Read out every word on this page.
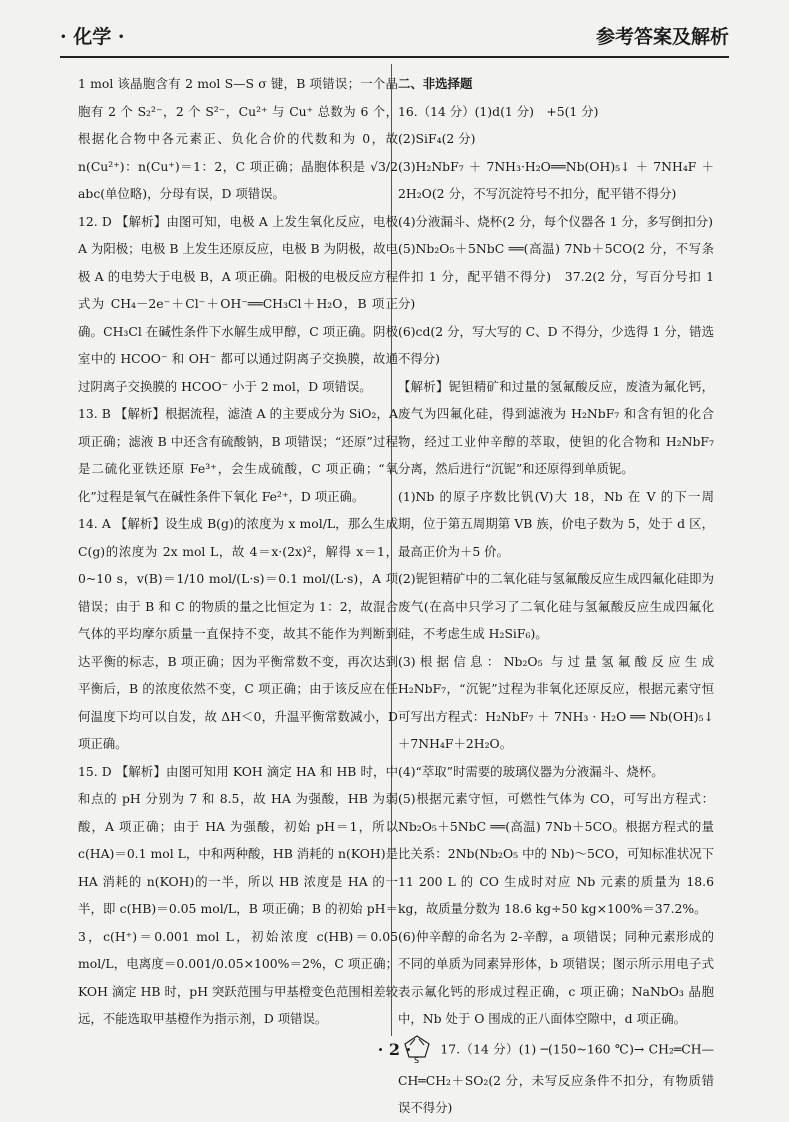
· 化学 ·	参考答案及解析

1 mol 该晶胞含有 2 mol S—S σ 键，B 项错误；一个晶胞有 2 个 S₂²⁻，2 个 S²⁻，Cu²⁺ 与 Cu⁺ 总数为 6 个，根据化合物中各元素正、负化合价的代数和为 0，故 n(Cu²⁺)：n(Cu⁺)＝1：2，C 项正确；晶胞体积是 √3/2 abc(单位略)，分母有误，D 项错误。

12. D 【解析】由图可知，电极 A 上发生氧化反应，电极 A 为阳极；电极 B 上发生还原反应，电极 B 为阴极，故电极 A 的电势大于电极 B，A 项正确。阳极的电极反应方程式为 CH₄－2e⁻＋Cl⁻＋OH⁻══CH₃Cl＋H₂O，B 项正确。CH₃Cl 在碱性条件下水解生成甲醇，C 项正确。阴极室中的 HCOO⁻ 和 OH⁻ 都可以通过阴离子交换膜，故通过阴离子交换膜的 HCOO⁻ 小于 2 mol，D 项错误。

13. B 【解析】根据流程，滤渣 A 的主要成分为 SiO₂，A 项正确；滤液 B 中还含有硫酸钠，B 项错误；“还原”过程是二硫化亚铁还原 Fe³⁺，会生成硫酸，C 项正确；“氧化”过程是氧气在碱性条件下氧化 Fe²⁺，D 项正确。

14. A 【解析】设生成 B(g)的浓度为 x mol/L，那么生成 C(g)的浓度为 2x mol L，故 4＝x·(2x)²，解得 x＝1，0~10 s，v(B)＝1/10 mol/(L·s)＝0.1 mol/(L·s)，A 项错误；由于 B 和 C 的物质的量之比恒定为 1：2，故混合气体的平均摩尔质量一直保持不变，故其不能作为判断到达平衡的标志，B 项正确；因为平衡常数不变，再次达到平衡后，B 的浓度依然不变，C 项正确；由于该反应在任何温度下均可以自发，故 ΔH＜0，升温平衡常数减小，D 项正确。

15. D 【解析】由图可知用 KOH 滴定 HA 和 HB 时，中和点的 pH 分别为 7 和 8.5，故 HA 为强酸，HB 为弱酸，A 项正确；由于 HA 为强酸，初始 pH＝1，所以 c(HA)＝0.1 mol L，中和两种酸，HB 消耗的 n(KOH)是 HA 消耗的 n(KOH)的一半，所以 HB 浓度是 HA 的一半，即 c(HB)＝0.05 mol/L，B 项正确；B 的初始 pH＝3，c(H⁺)＝0.001 mol L，初始浓度 c(HB)＝0.05 mol/L，电离度＝0.001/0.05×100%＝2%，C 项正确；KOH 滴定 HB 时，pH 突跃范围与甲基橙变色范围相差较远，不能选取甲基橙作为指示剂，D 项错误。

二、非选择题

16.（14 分）(1)d(1 分)　+5(1 分)

(2)SiF₄(2 分)

(3)H₂NbF₇＋7NH₃·H₂O══Nb(OH)₅↓＋7NH₄F＋2H₂O(2 分，不写沉淀符号不扣分，配平错不得分)

(4)分液漏斗、烧杯(2 分，每个仪器各 1 分，多写倒扣分)

(5)Nb₂O₅＋5NbC ══(高温) 7Nb＋5CO(2 分，不写条件扣 1 分，配平错不得分)　37.2(2 分，写百分号扣 1 分)

(6)cd(2 分，写大写的 C、D 不得分，少选得 1 分，错选不得分)

【解析】铌钽精矿和过量的氢氟酸反应，废渣为氟化钙，废气为四氟化硅，得到滤液为 H₂NbF₇ 和含有钽的化合物，经过工业仲辛醇的萃取，使钽的化合物和 H₂NbF₇ 分离，然后进行“沉铌”和还原得到单质铌。

(1)Nb 的原子序数比钒(V)大 18，Nb 在 V 的下一周期，位于第五周期第 VB 族，价电子数为 5，处于 d 区，最高正价为＋5 价。

(2)铌钽精矿中的二氧化硅与氢氟酸反应生成四氟化硅即为废气(在高中只学习了二氧化硅与氢氟酸反应生成四氟化硅，不考虑生成 H₂SiF₆)。

(3)根据信息：Nb₂O₅ 与过量氢氟酸反应生成 H₂NbF₇，“沉铌”过程为非氧化还原反应，根据元素守恒可写出方程式：H₂NbF₇ ＋ 7NH₃ · H₂O ══ Nb(OH)₅↓＋7NH₄F＋2H₂O。

(4)“萃取”时需要的玻璃仪器为分液漏斗、烧杯。

(5)根据元素守恒，可燃性气体为 CO，可写出方程式：Nb₂O₅＋5NbC ══(高温) 7Nb＋5CO。根据方程式的量比关系：2Nb(Nb₂O₅ 中的 Nb)～5CO，可知标准状况下 11 200 L 的 CO 生成时对应 Nb 元素的质量为 18.6 kg，故质量分数为 18.6 kg÷50 kg×100%＝37.2%。

(6)仲辛醇的命名为 2-辛醇，a 项错误；同种元素形成的不同的单质为同素异形体，b 项错误；图示所示用电子式表示氟化钙的形成过程正确，c 项正确；NaNbO₃ 晶胞中，Nb 处于 O 围成的正八面体空隙中，d 项正确。

S
17.（14 分）(1) ─(150~160 ℃)→ CH₂═CH—CH═CH₂＋SO₂(2 分，未写反应条件不扣分，有物质错误不得分)

· 2 ·
